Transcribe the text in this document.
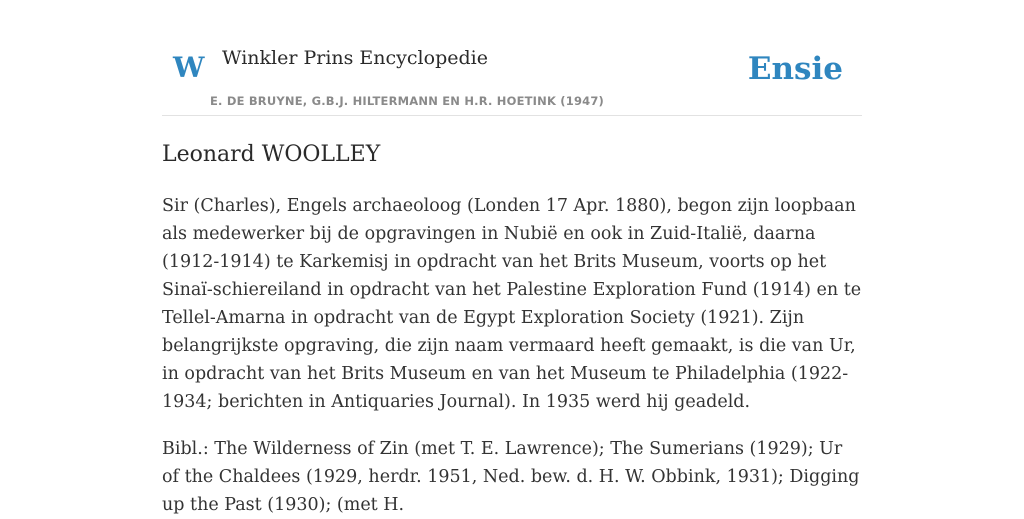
W Winkler Prins Encyclopedie
E. DE BRUYNE, G.B.J. HILTERMANN EN H.R. HOETINK (1947)
Ensie
Leonard WOOLLEY

Sir (Charles), Engels archaeoloog (Londen 17 Apr. 1880), begon zijn loopbaan als medewerker bij de opgravingen in Nubië en ook in Zuid-Italië, daarna (1912-1914) te Karkemisj in opdracht van het Brits Museum, voorts op het Sinaï-schiereiland in opdracht van het Palestine Exploration Fund (1914) en te Tellel-Amarna in opdracht van de Egypt Exploration Society (1921). Zijn belangrijkste opgraving, die zijn naam vermaard heeft gemaakt, is die van Ur, in opdracht van het Brits Museum en van het Museum te Philadelphia (1922-1934; berichten in Antiquaries Journal). In 1935 werd hij geadeld.

Bibl.: The Wilderness of Zin (met T. E. Lawrence); The Sumerians (1929); Ur of the Chaldees (1929, herdr. 1951, Ned. bew. d. H. W. Obbink, 1931); Digging up the Past (1930); (met H.
